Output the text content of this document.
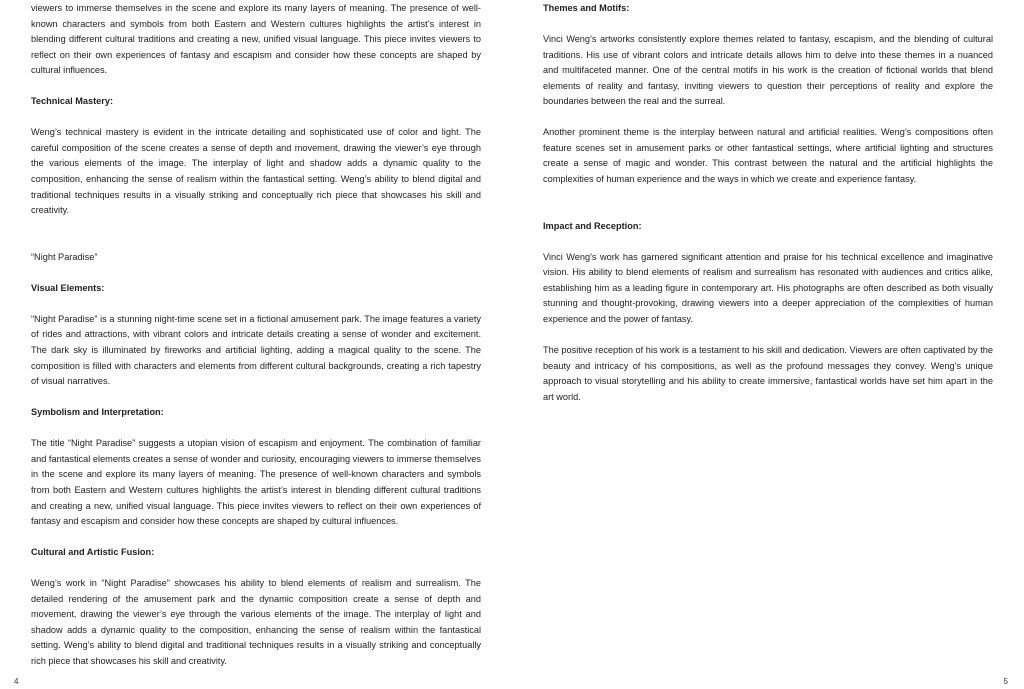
viewers to immerse themselves in the scene and explore its many layers of meaning. The presence of well-known characters and symbols from both Eastern and Western cultures highlights the artist’s interest in blending different cultural traditions and creating a new, unified visual language. This piece invites viewers to reflect on their own experiences of fantasy and escapism and consider how these concepts are shaped by cultural influences.

Technical Mastery:

Weng’s technical mastery is evident in the intricate detailing and sophisticated use of color and light. The careful composition of the scene creates a sense of depth and movement, drawing the viewer’s eye through the various elements of the image. The interplay of light and shadow adds a dynamic quality to the composition, enhancing the sense of realism within the fantastical setting. Weng’s ability to blend digital and traditional techniques results in a visually striking and conceptually rich piece that showcases his skill and creativity.

“Night Paradise”

Visual Elements:

“Night Paradise” is a stunning night-time scene set in a fictional amusement park. The image features a variety of rides and attractions, with vibrant colors and intricate details creating a sense of wonder and excitement. The dark sky is illuminated by fireworks and artificial lighting, adding a magical quality to the scene. The composition is filled with characters and elements from different cultural backgrounds, creating a rich tapestry of visual narratives.

Symbolism and Interpretation:

The title “Night Paradise” suggests a utopian vision of escapism and enjoyment. The combination of familiar and fantastical elements creates a sense of wonder and curiosity, encouraging viewers to immerse themselves in the scene and explore its many layers of meaning. The presence of well-known characters and symbols from both Eastern and Western cultures highlights the artist’s interest in blending different cultural traditions and creating a new, unified visual language. This piece invites viewers to reflect on their own experiences of fantasy and escapism and consider how these concepts are shaped by cultural influences.

Cultural and Artistic Fusion:

Weng’s work in “Night Paradise” showcases his ability to blend elements of realism and surrealism. The detailed rendering of the amusement park and the dynamic composition create a sense of depth and movement, drawing the viewer’s eye through the various elements of the image. The interplay of light and shadow adds a dynamic quality to the composition, enhancing the sense of realism within the fantastical setting. Weng’s ability to blend digital and traditional techniques results in a visually striking and conceptually rich piece that showcases his skill and creativity.

4

Themes and Motifs:

Vinci Weng’s artworks consistently explore themes related to fantasy, escapism, and the blending of cultural traditions. His use of vibrant colors and intricate details allows him to delve into these themes in a nuanced and multifaceted manner. One of the central motifs in his work is the creation of fictional worlds that blend elements of reality and fantasy, inviting viewers to question their perceptions of reality and explore the boundaries between the real and the surreal.

Another prominent theme is the interplay between natural and artificial realities. Weng’s compositions often feature scenes set in amusement parks or other fantastical settings, where artificial lighting and structures create a sense of magic and wonder. This contrast between the natural and the artificial highlights the complexities of human experience and the ways in which we create and experience fantasy.

Impact and Reception:

Vinci Weng’s work has garnered significant attention and praise for his technical excellence and imaginative vision. His ability to blend elements of realism and surrealism has resonated with audiences and critics alike, establishing him as a leading figure in contemporary art. His photographs are often described as both visually stunning and thought-provoking, drawing viewers into a deeper appreciation of the complexities of human experience and the power of fantasy.

The positive reception of his work is a testament to his skill and dedication. Viewers are often captivated by the beauty and intricacy of his compositions, as well as the profound messages they convey. Weng’s unique approach to visual storytelling and his ability to create immersive, fantastical worlds have set him apart in the art world.

5
